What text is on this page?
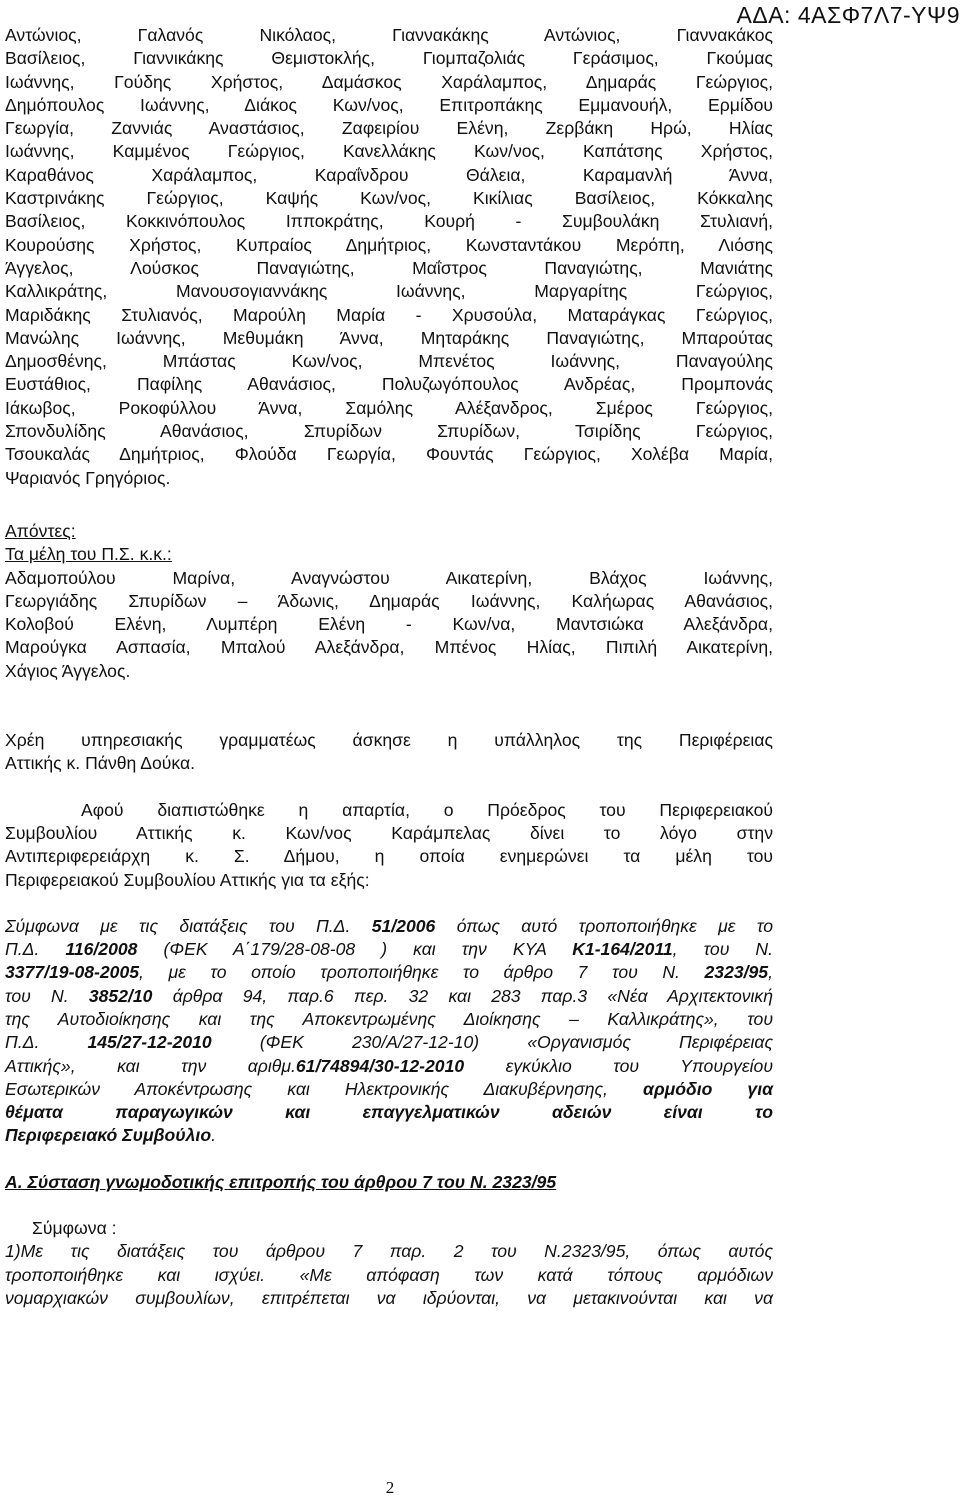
ΑΔΑ: 4ΑΣΦ7Λ7-ΥΨ9
Αντώνιος, Γαλανός Νικόλαος, Γιαννακάκης Αντώνιος, Γιαννακάκος
Βασίλειος, Γιαννικάκης Θεμιστοκλής, Γιομπαζολιάς Γεράσιμος, Γκούμας
Ιωάννης, Γούδης Χρήστος, Δαμάσκος Χαράλαμπος, Δημαράς Γεώργιος,
Δημόπουλος Ιωάννης, Διάκος Κων/νος, Επιτροπάκης Εμμανουήλ, Ερμίδου
Γεωργία, Ζαννιάς Αναστάσιος, Ζαφειρίου Ελένη, Ζερβάκη Ηρώ, Ηλίας
Ιωάννης, Καμμένος Γεώργιος, Κανελλάκης Κων/νος, Καπάτσης Χρήστος,
Καραθάνος Χαράλαμπος, Καραΐνδρου Θάλεια, Καραμανλή Άννα,
Καστρινάκης Γεώργιος, Καψής Κων/νος, Κικίλιας Βασίλειος, Κόκκαλης
Βασίλειος, Κοκκινόπουλος Ιπποκράτης, Κουρή - Συμβουλάκη Στυλιανή,
Κουρούσης Χρήστος, Κυπραίος Δημήτριος, Κωνσταντάκου Μερόπη, Λιόσης
Άγγελος, Λούσκος Παναγιώτης, Μαΐστρος Παναγιώτης, Μανιάτης
Καλλικράτης, Μανουσογιαννάκης Ιωάννης, Μαργαρίτης Γεώργιος,
Μαριδάκης Στυλιανός, Μαρούλη Μαρία - Χρυσούλα, Ματαράγκας Γεώργιος,
Μανώλης Ιωάννης, Μεθυμάκη Άννα, Μηταράκης Παναγιώτης, Μπαρούτας
Δημοσθένης, Μπάστας Κων/νος, Μπενέτος Ιωάννης, Παναγούλης
Ευστάθιος, Παφίλης Αθανάσιος, Πολυζωγόπουλος Ανδρέας, Προμπονάς
Ιάκωβος, Ροκοφύλλου Άννα, Σαμόλης Αλέξανδρος, Σμέρος Γεώργιος,
Σπονδυλίδης Αθανάσιος, Σπυρίδων Σπυρίδων, Τσιρίδης Γεώργιος,
Τσουκαλάς Δημήτριος, Φλούδα Γεωργία, Φουντάς Γεώργιος, Χολέβα Μαρία,
Ψαριανός Γρηγόριος.
Απόντες:
Τα μέλη του Π.Σ. κ.κ.:
Αδαμοπούλου Μαρίνα, Αναγνώστου Αικατερίνη, Βλάχος Ιωάννης,
Γεωργιάδης Σπυρίδων – Άδωνις, Δημαράς Ιωάννης, Καλήωρας Αθανάσιος,
Κολοβού Ελένη, Λυμπέρη Ελένη - Κων/να, Μαντσιώκα Αλεξάνδρα,
Μαρούγκα Ασπασία, Μπαλού Αλεξάνδρα, Μπένος Ηλίας, Πιπιλή Αικατερίνη,
Χάγιος Άγγελος.
Χρέη υπηρεσιακής γραμματέως άσκησε η υπάλληλος της Περιφέρειας
Αττικής κ. Πάνθη Δούκα.
Αφού διαπιστώθηκε η απαρτία, ο Πρόεδρος του Περιφερειακού
Συμβουλίου Αττικής κ. Κων/νος Καράμπελας δίνει το λόγο στην
Αντιπεριφερειάρχη κ. Σ. Δήμου, η οποία ενημερώνει τα μέλη του
Περιφερειακού Συμβουλίου Αττικής για τα εξής:
Σύμφωνα με τις διατάξεις του Π.Δ. 51/2006 όπως αυτό τροποποιήθηκε με το
Π.Δ. 116/2008 (ΦΕΚ Α΄179/28-08-08 ) και την ΚΥΑ Κ1-164/2011, του Ν.
3377/19-08-2005, με το οποίο τροποποιήθηκε το άρθρο 7 του Ν. 2323/95,
του Ν. 3852/10 άρθρα 94, παρ.6 περ. 32 και 283 παρ.3 «Νέα Αρχιτεκτονική
της Αυτοδιοίκησης και της Αποκεντρωμένης Διοίκησης – Καλλικράτης», του
Π.Δ. 145/27-12-2010 (ΦΕΚ 230/Α/27-12-10) «Οργανισμός Περιφέρειας
Αττικής», και την αριθμ.61/74894/30-12-2010 εγκύκλιο του Υπουργείου
Εσωτερικών Αποκέντρωσης και Ηλεκτρονικής Διακυβέρνησης, αρμόδιο για
θέματα παραγωγικών και επαγγελματικών αδειών είναι το
Περιφερειακό Συμβούλιο.
Α. Σύσταση γνωμοδοτικής επιτροπής του άρθρου 7 του Ν. 2323/95
Σύμφωνα :
1)Με τις διατάξεις του άρθρου 7 παρ. 2 του Ν.2323/95, όπως αυτός
τροποποιήθηκε και ισχύει. «Με απόφαση των κατά τόπους αρμόδιων
νομαρχιακών συμβουλίων, επιτρέπεται να ιδρύονται, να μετακινούνται και να
2
